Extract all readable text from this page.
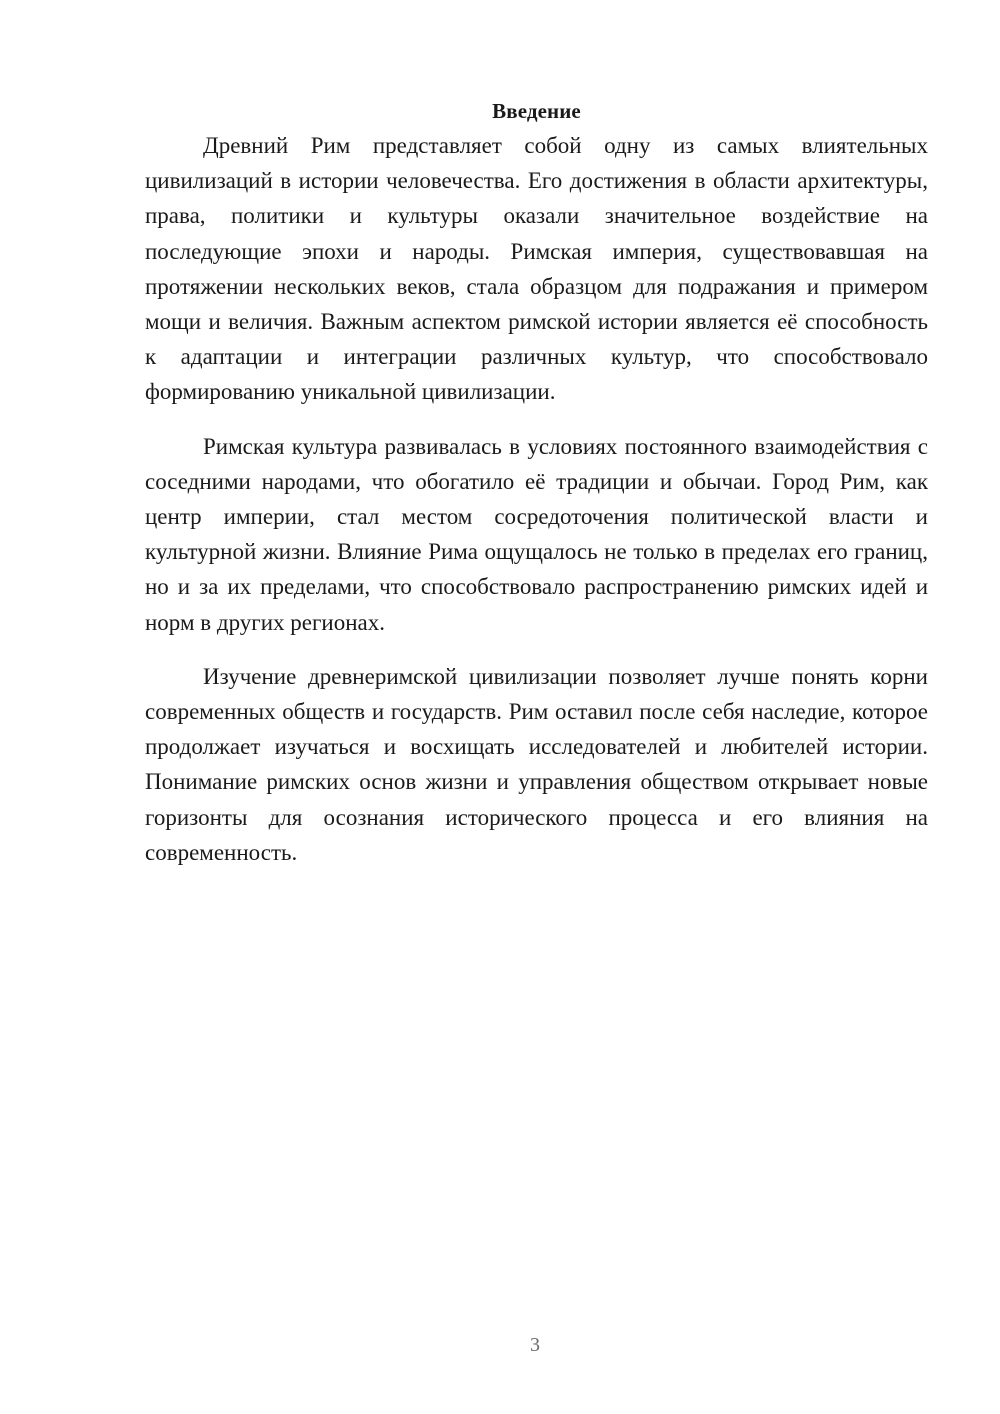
Введение

Древний Рим представляет собой одну из самых влиятельных цивилизаций в истории человечества. Его достижения в области архитектуры, права, политики и культуры оказали значительное воздействие на последующие эпохи и народы. Римская империя, существовавшая на протяжении нескольких веков, стала образцом для подражания и примером мощи и величия. Важным аспектом римской истории является её способность к адаптации и интеграции различных культур, что способствовало формированию уникальной цивилизации.

Римская культура развивалась в условиях постоянного взаимодействия с соседними народами, что обогатило её традиции и обычаи. Город Рим, как центр империи, стал местом сосредоточения политической власти и культурной жизни. Влияние Рима ощущалось не только в пределах его границ, но и за их пределами, что способствовало распространению римских идей и норм в других регионах.

Изучение древнеримской цивилизации позволяет лучше понять корни современных обществ и государств. Рим оставил после себя наследие, которое продолжает изучаться и восхищать исследователей и любителей истории. Понимание римских основ жизни и управления обществом открывает новые горизонты для осознания исторического процесса и его влияния на современность.

3
